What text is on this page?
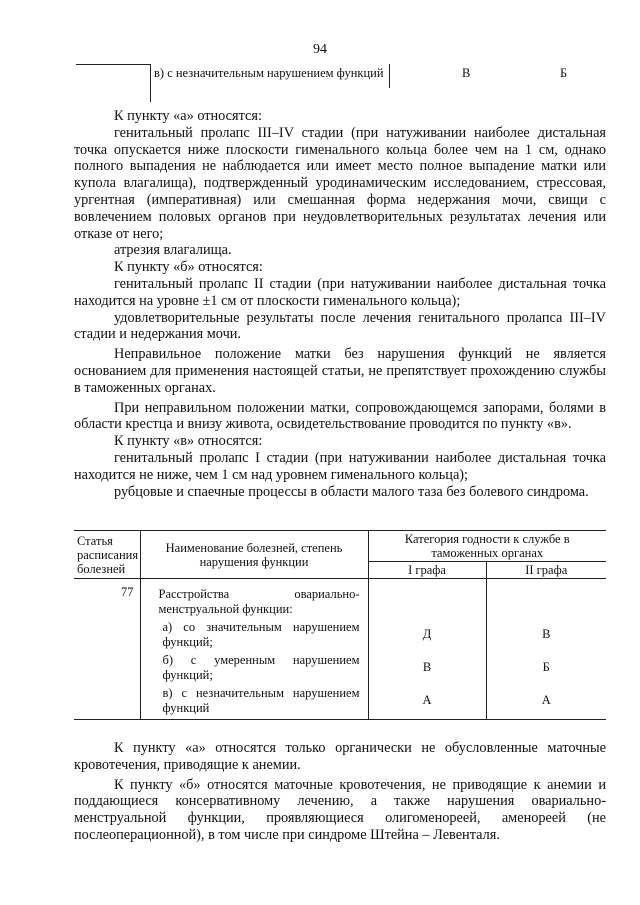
94
в) с незначительным нарушением функций	В	Б

К пункту «а» относятся:

генитальный пролапс III–IV стадии (при натуживании наиболее дистальная точка опускается ниже плоскости гименального кольца более чем на 1 см, однако полного выпадения не наблюдается или имеет место полное выпадение матки или купола влагалища), подтвержденный уродинамическим исследованием, стрессовая, ургентная (императивная) или смешанная форма недержания мочи, свищи с вовлечением половых органов при неудовлетворительных результатах лечения или отказе от него;

атрезия влагалища.

К пункту «б» относятся:

генитальный пролапс II стадии (при натуживании наиболее дистальная точка находится на уровне ±1 см от плоскости гименального кольца);

удовлетворительные результаты после лечения генитального пролапса III–IV стадии и недержания мочи.

Неправильное положение матки без нарушения функций не является основанием для применения настоящей статьи, не препятствует прохождению службы в таможенных органах.

При неправильном положении матки, сопровождающемся запорами, болями в области крестца и внизу живота, освидетельствование проводится по пункту «в».

К пункту «в» относятся:

генитальный пролапс I стадии (при натуживании наиболее дистальная точка находится не ниже, чем 1 см над уровнем гименального кольца);

рубцовые и спаечные процессы в области малого таза без болевого синдрома.

Статья расписания болезней	Наименование болезней, степень нарушения функции	Категория годности к службе в таможенных органах	
		I графа	II графа
77	Расстройства овариально-менструальной функции:		
	а) со значительным нарушением функций;	Д	В
	б) с умеренным нарушением функций;	В	Б
	в) с незначительным нарушением функций	А	А

К пункту «а» относятся только органически не обусловленные маточные кровотечения, приводящие к анемии.

К пункту «б» относятся маточные кровотечения, не приводящие к анемии и поддающиеся консервативному лечению, а также нарушения овариально-менструальной функции, проявляющиеся олигоменореей, аменореей (не послеоперационной), в том числе при синдроме Штейна – Левенталя.
